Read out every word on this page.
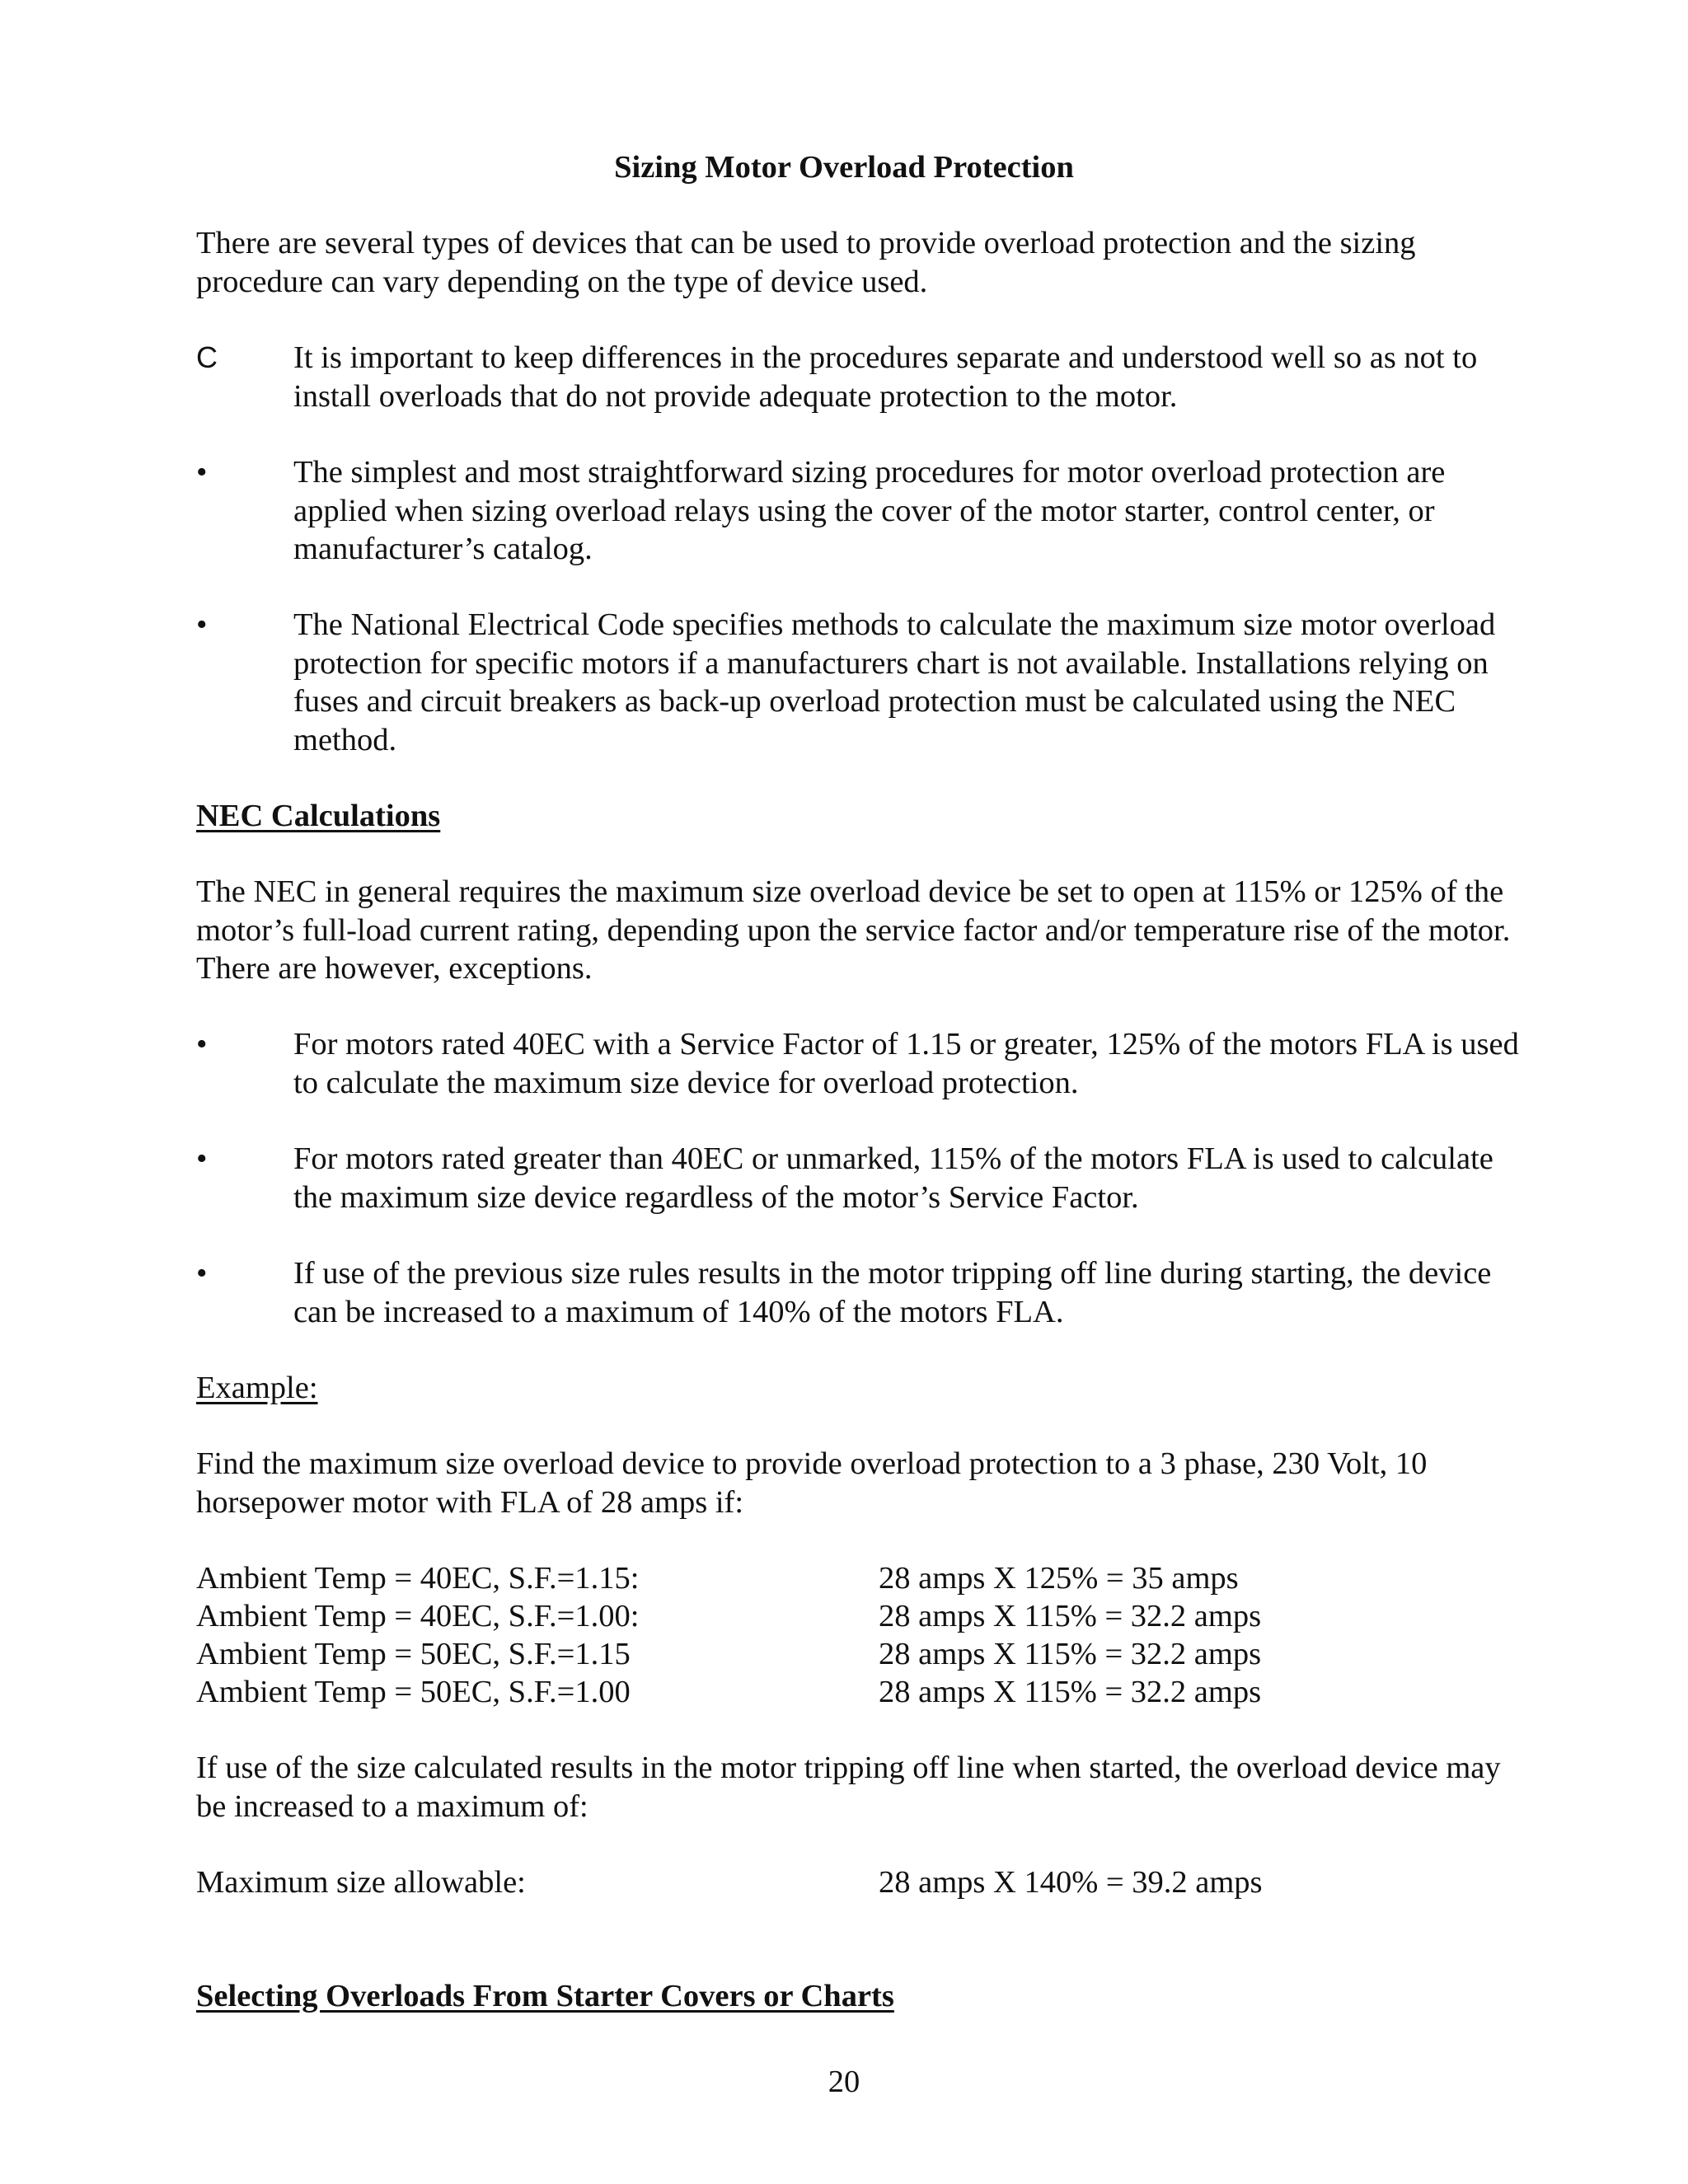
Sizing Motor Overload Protection

There are several types of devices that can be used to provide overload protection and the sizing procedure can vary depending on the type of device used.

C	It is important to keep differences in the procedures separate and understood well so as not to install overloads that do not provide adequate protection to the motor.
•	The simplest and most straightforward sizing procedures for motor overload protection are applied when sizing overload relays using the cover of the motor starter, control center, or manufacturer’s catalog.
•	The National Electrical Code specifies methods to calculate the maximum size motor overload protection for specific motors if a manufacturers chart is not available. Installations relying on fuses and circuit breakers as back-up overload protection must be calculated using the NEC method.
NEC Calculations

The NEC in general requires the maximum size overload device be set to open at 115% or 125% of the motor’s full-load current rating, depending upon the service factor and/or temperature rise of the motor. There are however, exceptions.

•	For motors rated 40EC with a Service Factor of 1.15 or greater, 125% of the motors FLA is used to calculate the maximum size device for overload protection.
•	For motors rated greater than 40EC or unmarked, 115% of the motors FLA is used to calculate the maximum size device regardless of the motor’s Service Factor.
•	If use of the previous size rules results in the motor tripping off line during starting, the device can be increased to a maximum of 140% of the motors FLA.
Example:

Find the maximum size overload device to provide overload protection to a 3 phase, 230 Volt, 10 horsepower motor with FLA of 28 amps if:

Ambient Temp = 40EC, S.F.=1.15:	28 amps X 125% = 35 amps
Ambient Temp = 40EC, S.F.=1.00:	28 amps X 115% = 32.2 amps
Ambient Temp = 50EC, S.F.=1.15	28 amps X 115% = 32.2 amps
Ambient Temp = 50EC, S.F.=1.00	28 amps X 115% = 32.2 amps

If use of the size calculated results in the motor tripping off line when started, the overload device may be increased to a maximum of:

Maximum size allowable:	28 amps X 140% = 39.2 amps
Selecting Overloads From Starter Covers or Charts
20
